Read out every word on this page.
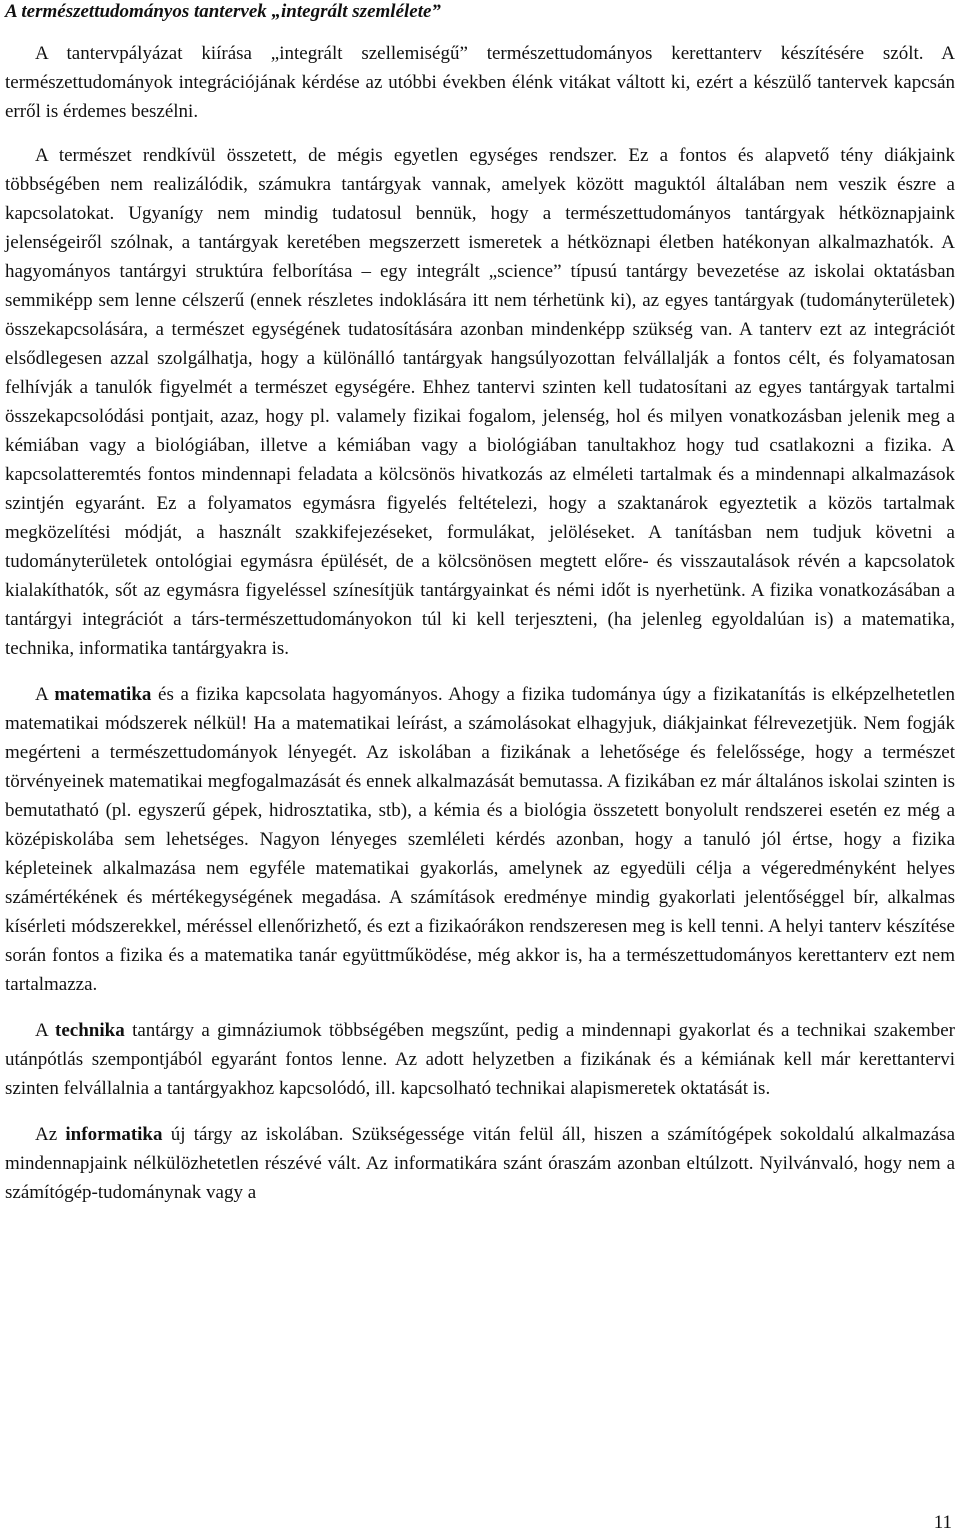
A természettudományos tantervek „integrált szemlélete”

A tantervpályázat kiírása „integrált szellemiségű” természettudományos kerettanterv készítésére szólt. A természettudományok integrációjának kérdése az utóbbi években élénk vitákat váltott ki, ezért a készülő tantervek kapcsán erről is érdemes beszélni.

A természet rendkívül összetett, de mégis egyetlen egységes rendszer. Ez a fontos és alapvető tény diákjaink többségében nem realizálódik, számukra tantárgyak vannak, amelyek között maguktól általában nem veszik észre a kapcsolatokat. Ugyanígy nem mindig tudatosul bennük, hogy a természettudományos tantárgyak hétköznapjaink jelenségeiről szólnak, a tantárgyak keretében megszerzett ismeretek a hétköznapi életben hatékonyan alkalmazhatók. A hagyományos tantárgyi struktúra felborítása – egy integrált „science” típusú tantárgy bevezetése az iskolai oktatásban semmiképp sem lenne célszerű (ennek részletes indoklására itt nem térhetünk ki), az egyes tantárgyak (tudományterületek) összekapcsolására, a természet egységének tudatosítására azonban mindenképp szükség van. A tanterv ezt az integrációt elsődlegesen azzal szolgálhatja, hogy a különálló tantárgyak hangsúlyozottan felvállalják a fontos célt, és folyamatosan felhívják a tanulók figyelmét a természet egységére. Ehhez tantervi szinten kell tudatosítani az egyes tantárgyak tartalmi összekapcsolódási pontjait, azaz, hogy pl. valamely fizikai fogalom, jelenség, hol és milyen vonatkozásban jelenik meg a kémiában vagy a biológiában, illetve a kémiában vagy a biológiában tanultakhoz hogy tud csatlakozni a fizika. A kapcsolatteremtés fontos mindennapi feladata a kölcsönös hivatkozás az elméleti tartalmak és a mindennapi alkalmazások szintjén egyaránt. Ez a folyamatos egymásra figyelés feltételezi, hogy a szaktanárok egyeztetik a közös tartalmak megközelítési módját, a használt szakkifejezéseket, formulákat, jelöléseket. A tanításban nem tudjuk követni a tudományterületek ontológiai egymásra épülését, de a kölcsönösen megtett előre- és visszautalások révén a kapcsolatok kialakíthatók, sőt az egymásra figyeléssel színesítjük tantárgyainkat és némi időt is nyerhetünk. A fizika vonatkozásában a tantárgyi integrációt a társ-természettudományokon túl ki kell terjeszteni, (ha jelenleg egyoldalúan is) a matematika, technika, informatika tantárgyakra is.

A matematika és a fizika kapcsolata hagyományos. Ahogy a fizika tudománya úgy a fizikatanítás is elképzelhetetlen matematikai módszerek nélkül! Ha a matematikai leírást, a számolásokat elhagyjuk, diákjainkat félrevezetjük. Nem fogják megérteni a természettudományok lényegét. Az iskolában a fizikának a lehetősége és felelőssége, hogy a természet törvényeinek matematikai megfogalmazását és ennek alkalmazását bemutassa. A fizikában ez már általános iskolai szinten is bemutatható (pl. egyszerű gépek, hidrosztatika, stb), a kémia és a biológia összetett bonyolult rendszerei esetén ez még a középiskolába sem lehetséges. Nagyon lényeges szemléleti kérdés azonban, hogy a tanuló jól értse, hogy a fizika képleteinek alkalmazása nem egyféle matematikai gyakorlás, amelynek az egyedüli célja a végeredményként helyes számértékének és mértékegységének megadása. A számítások eredménye mindig gyakorlati jelentőséggel bír, alkalmas kísérleti módszerekkel, méréssel ellenőrizhető, és ezt a fizikaórákon rendszeresen meg is kell tenni. A helyi tanterv készítése során fontos a fizika és a matematika tanár együttműködése, még akkor is, ha a természettudományos kerettanterv ezt nem tartalmazza.

A technika tantárgy a gimnáziumok többségében megszűnt, pedig a mindennapi gyakorlat és a technikai szakember utánpótlás szempontjából egyaránt fontos lenne. Az adott helyzetben a fizikának és a kémiának kell már kerettantervi szinten felvállalnia a tantárgyakhoz kapcsolódó, ill. kapcsolható technikai alapismeretek oktatását is.

Az informatika új tárgy az iskolában. Szükségessége vitán felül áll, hiszen a számítógépek sokoldalú alkalmazása mindennapjaink nélkülözhetetlen részévé vált. Az informatikára szánt óraszám azonban eltúlzott. Nyilvánvaló, hogy nem a számítógép-tudománynak vagy a

11
